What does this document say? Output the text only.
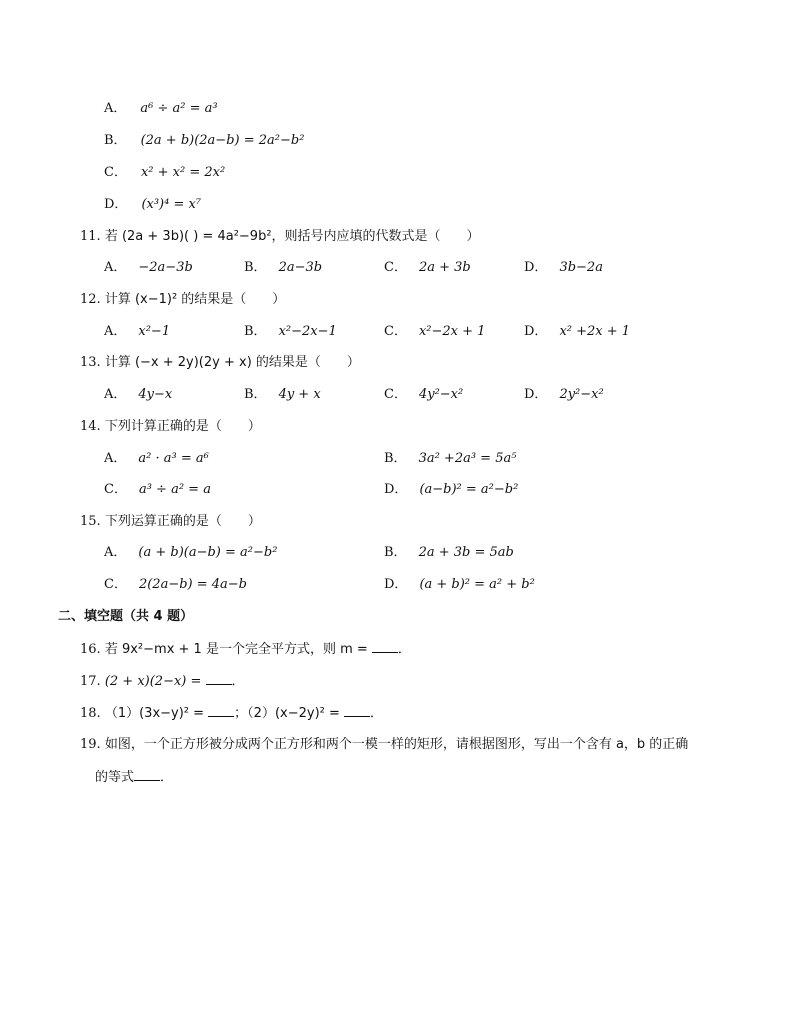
A． a⁶ ÷ a² = a³
B． (2a + b)(2a−b) = 2a²−b²
C． x² + x² = 2x²
D． (x³)⁴ = x⁷
11. 若 (2a + 3b)( ) = 4a²−9b²，则括号内应填的代数式是（　　）
A． −2a−3b	B． 2a−3b	C． 2a + 3b	D． 3b−2a
12. 计算 (x−1)² 的结果是（　　）
A． x²−1	B． x²−2x−1	C． x²−2x + 1	D． x² +2x + 1
13. 计算 (−x + 2y)(2y + x) 的结果是（　　）
A． 4y−x	B． 4y + x	C． 4y²−x²	D． 2y²−x²
14. 下列计算正确的是（　　）
A． a² · a³ = a⁶	B． 3a² +2a³ = 5a⁵
C． a³ ÷ a² = a	D． (a−b)² = a²−b²
15. 下列运算正确的是（　　）
A． (a + b)(a−b) = a²−b²	B． 2a + 3b = 5ab
C． 2(2a−b) = 4a−b	D． (a + b)² = a² + b²
二、填空题（共 4 题）
16. 若 9x²−mx + 1 是一个完全平方式，则 m = ．
17. (2 + x)(2−x) = ．
18. （1）(3x−y)² = ；（2）(x−2y)² = ．
19. 如图，一个正方形被分成两个正方形和两个一模一样的矩形，请根据图形，写出一个含有 a，b 的正确
的等式 ．
